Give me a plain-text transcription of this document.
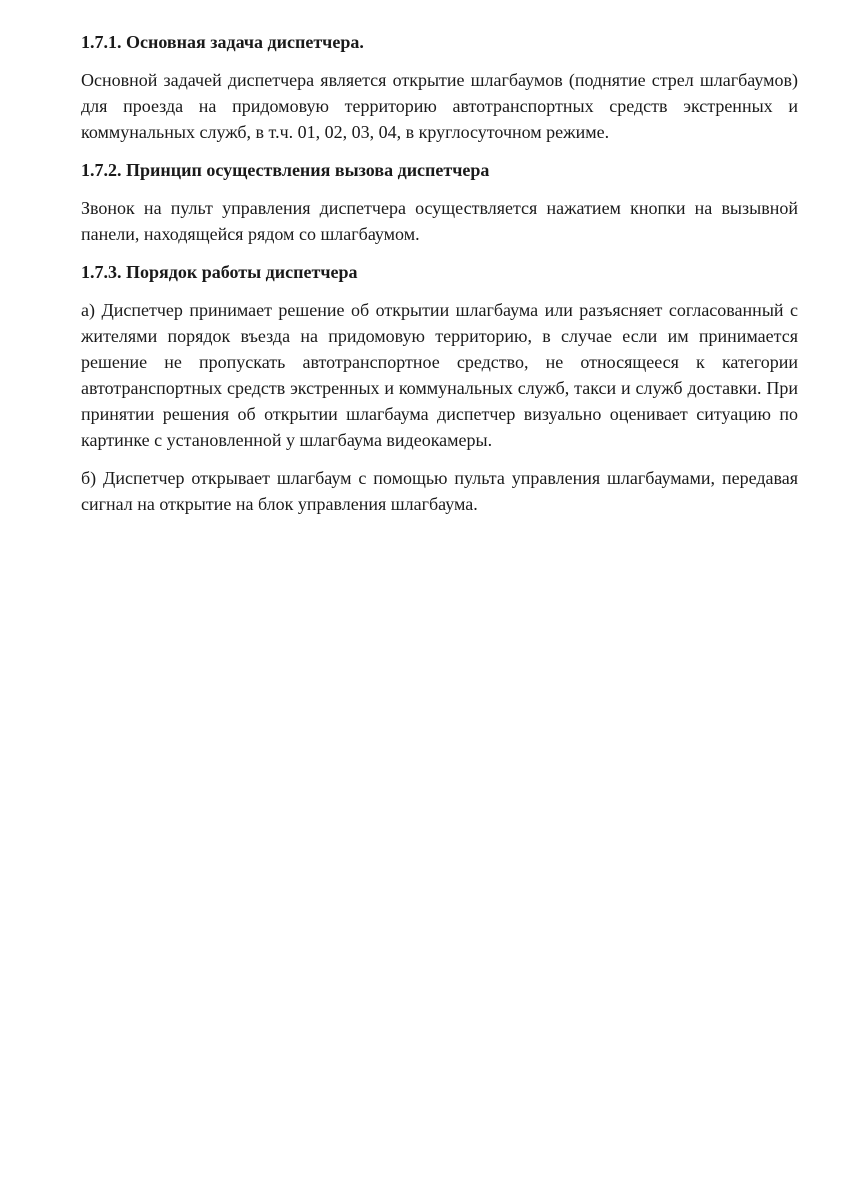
1.7.1. Основная задача диспетчера.

Основной задачей диспетчера является открытие шлагбаумов (поднятие стрел шлагбаумов) для проезда на придомовую территорию автотранспортных средств экстренных и коммунальных служб, в т.ч. 01, 02, 03, 04, в круглосуточном режиме.

1.7.2. Принцип осуществления вызова диспетчера

Звонок на пульт управления диспетчера осуществляется нажатием кнопки на вызывной панели, находящейся рядом со шлагбаумом.

1.7.3. Порядок работы диспетчера

а) Диспетчер принимает решение об открытии шлагбаума или разъясняет согласованный с жителями порядок въезда на придомовую территорию, в случае если им принимается решение не пропускать автотранспортное средство, не относящееся к категории автотранспортных средств экстренных и коммунальных служб, такси и служб доставки. При принятии решения об открытии шлагбаума диспетчер визуально оценивает ситуацию по картинке с установленной у шлагбаума видеокамеры.

б) Диспетчер открывает шлагбаум с помощью пульта управления шлагбаумами, передавая сигнал на открытие на блок управления шлагбаума.
